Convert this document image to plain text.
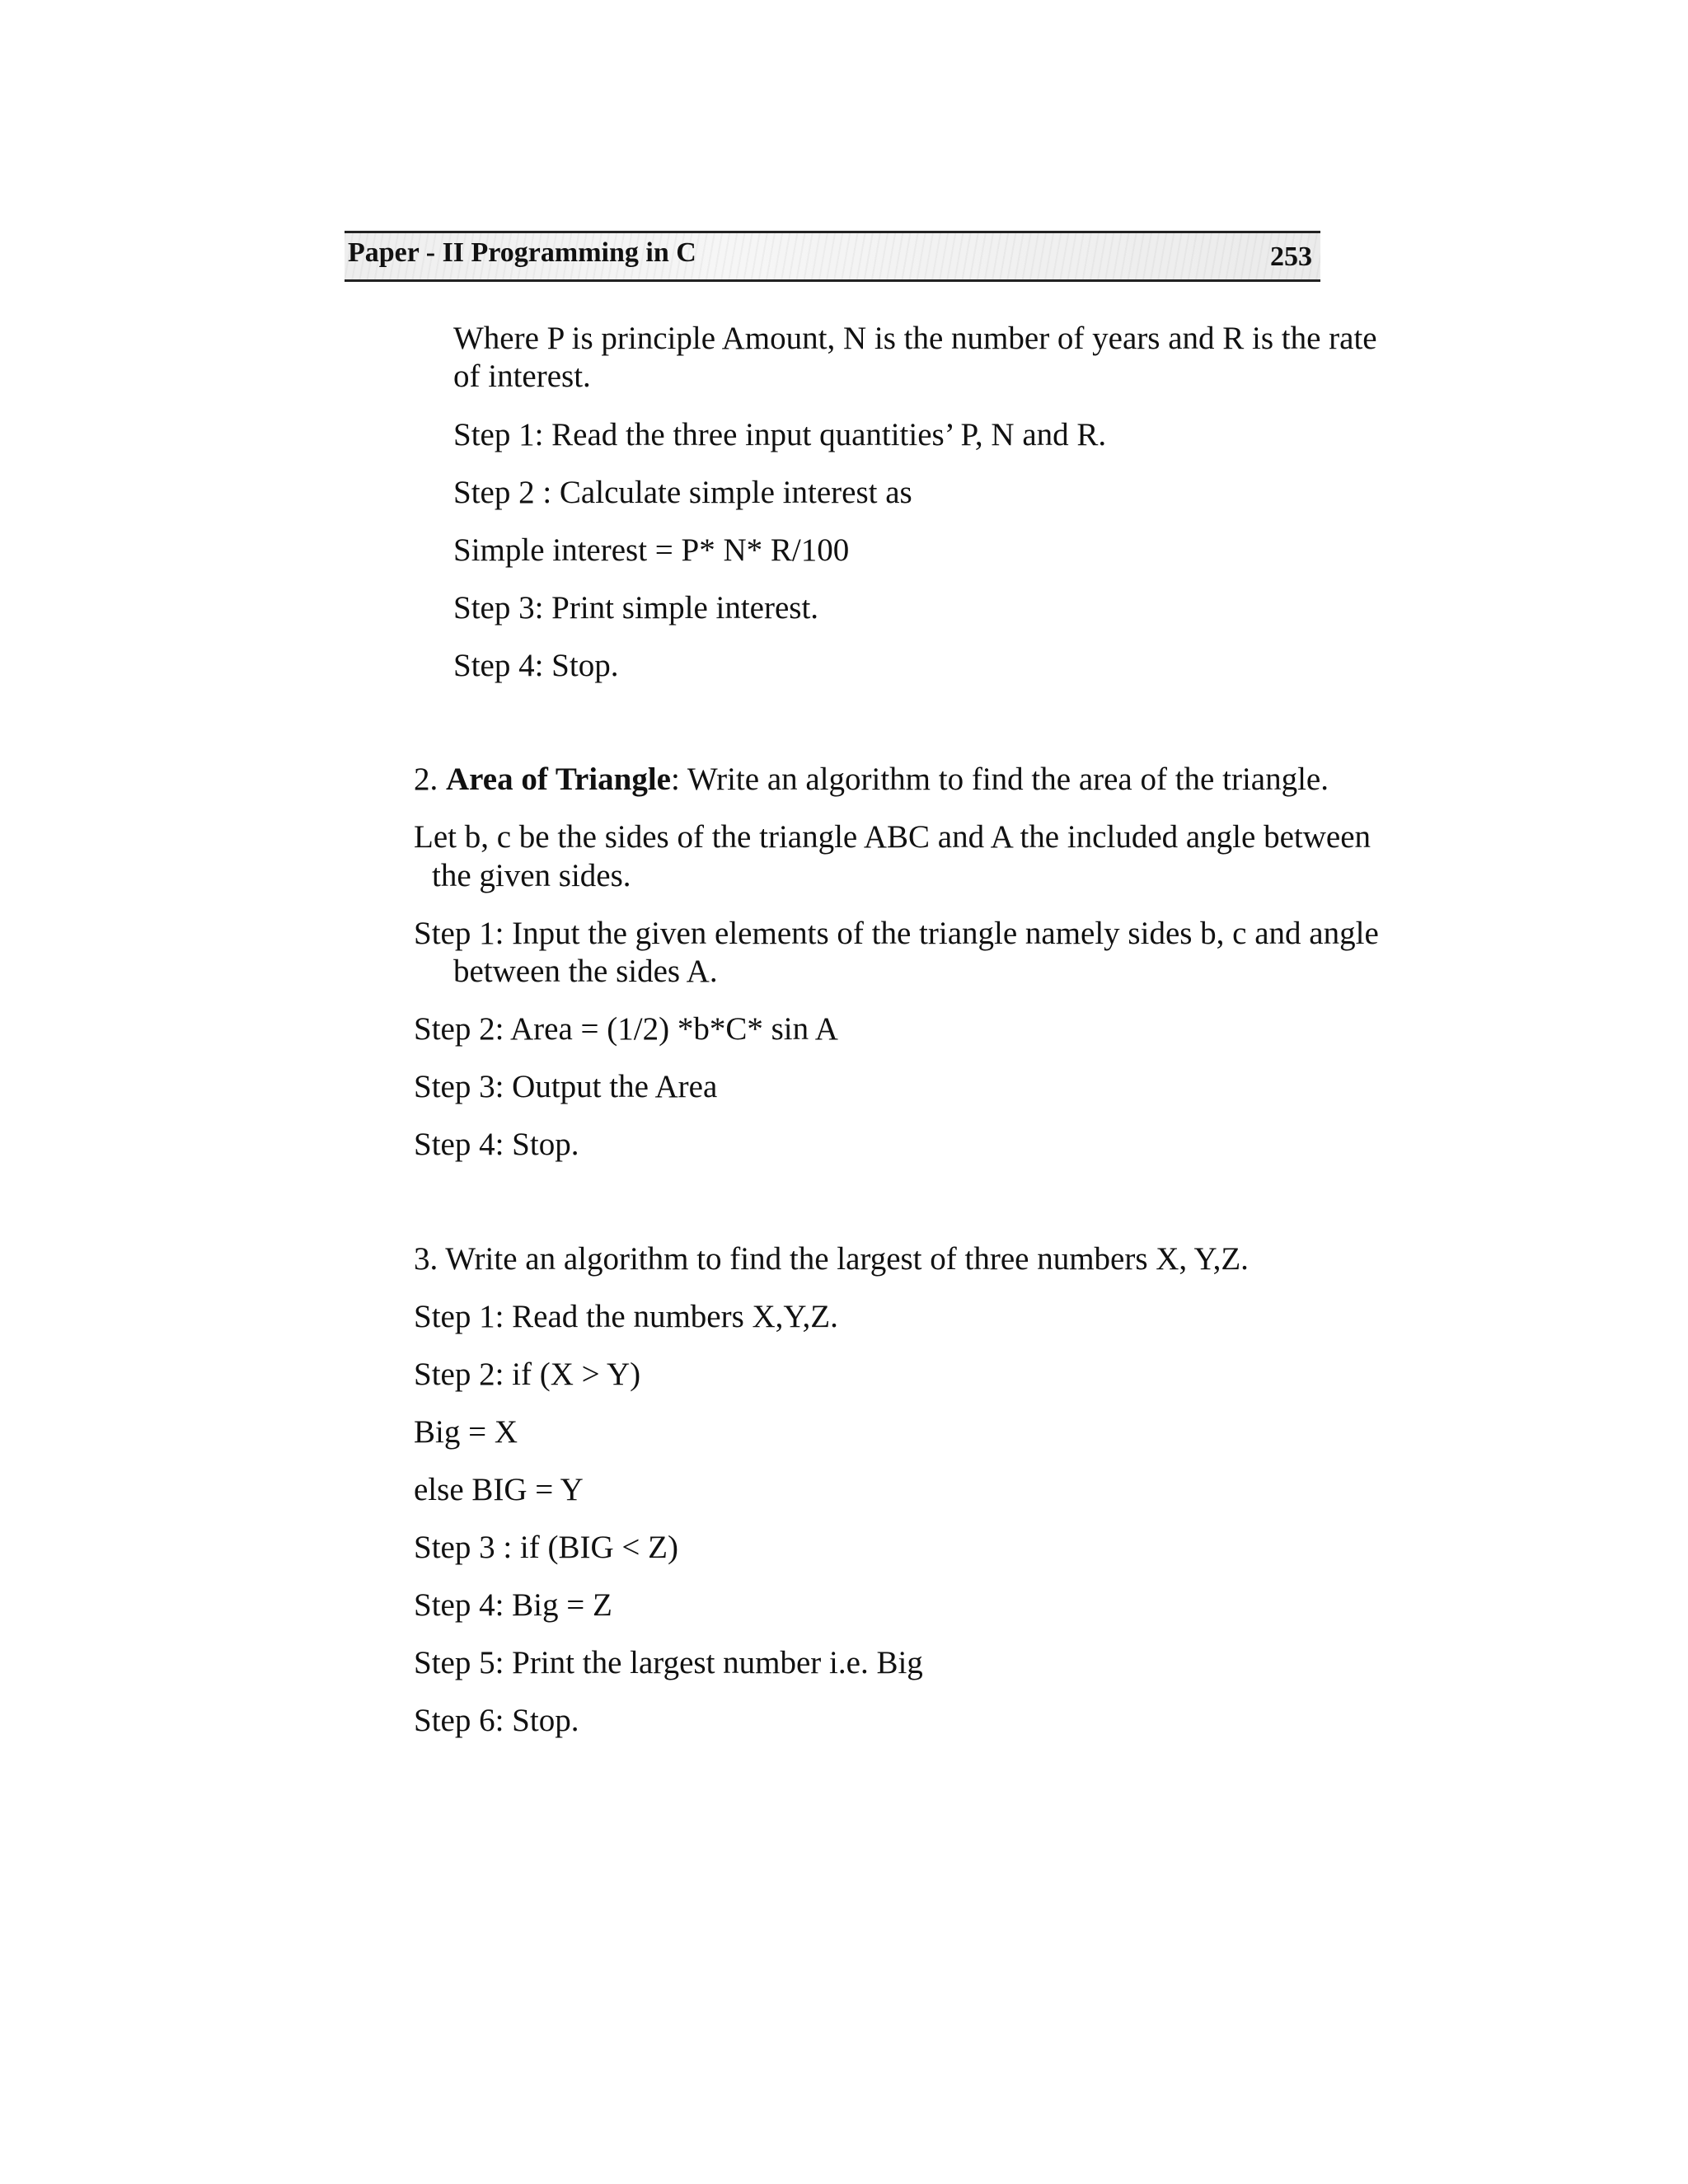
Paper - II Programming in C	253

Where P is principle Amount, N is the number of years and R is the rate

of interest.

Step 1: Read the three input quantities’ P, N and R.

Step 2 : Calculate simple interest as

Simple interest = P* N* R/100

Step 3: Print simple interest.

Step 4: Stop.

2. Area of Triangle: Write an algorithm to find the area of the triangle.

Let b, c be the sides of the triangle ABC and A the included angle between

the given sides.

Step 1: Input the given elements of the triangle namely sides b, c and angle

between the sides A.

Step 2: Area = (1/2) *b*C* sin A

Step 3: Output the Area

Step 4: Stop.

3. Write an algorithm to find the largest of three numbers X, Y,Z.

Step 1: Read the numbers X,Y,Z.

Step 2: if (X > Y)

Big = X

else BIG = Y

Step 3 : if (BIG < Z)

Step 4: Big = Z

Step 5: Print the largest number i.e. Big

Step 6: Stop.
